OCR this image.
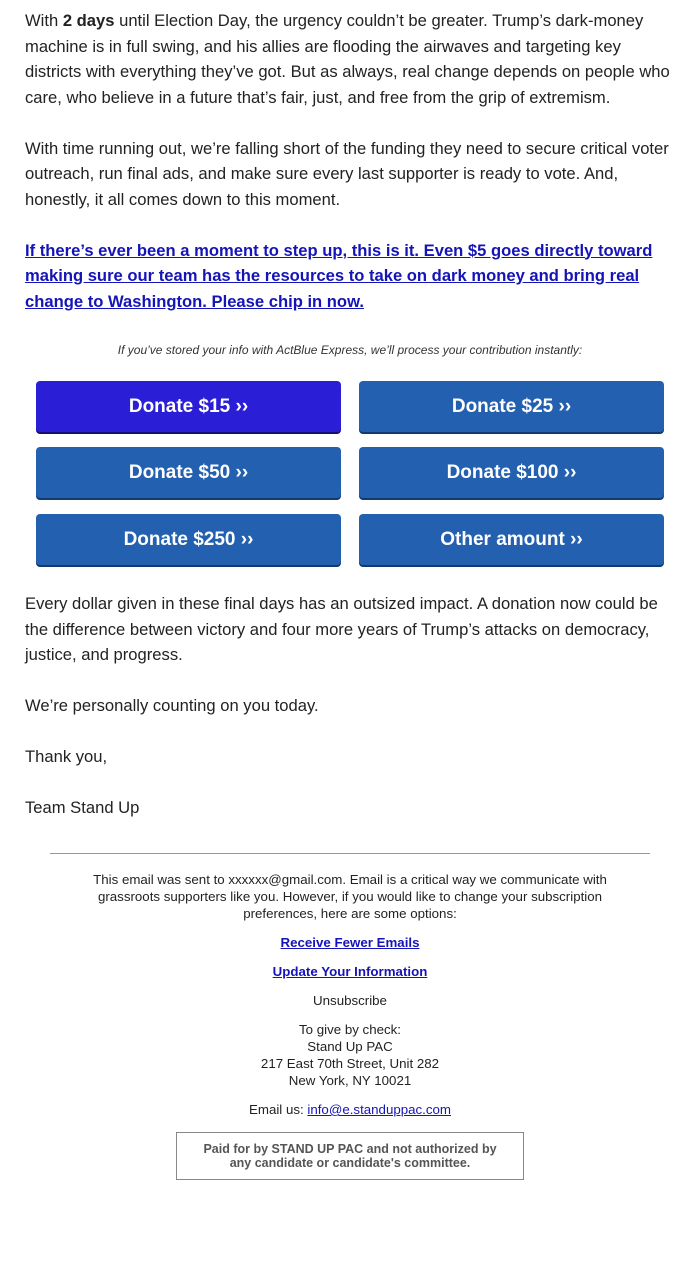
With 2 days until Election Day, the urgency couldn’t be greater. Trump’s dark-money machine is in full swing, and his allies are flooding the airwaves and targeting key districts with everything they’ve got. But as always, real change depends on people who care, who believe in a future that’s fair, just, and free from the grip of extremism.

With time running out, we’re falling short of the funding they need to secure critical voter outreach, run final ads, and make sure every last supporter is ready to vote. And, honestly, it all comes down to this moment.

If there’s ever been a moment to step up, this is it. Even $5 goes directly toward making sure our team has the resources to take on dark money and bring real change to Washington. Please chip in now.

If you’ve stored your info with ActBlue Express, we’ll process your contribution instantly:
Donate $15 ››	Donate $25 ››
Donate $50 ››	Donate $100 ››
Donate $250 ››	Other amount ››

Every dollar given in these final days has an outsized impact. A donation now could be the difference between victory and four more years of Trump’s attacks on democracy, justice, and progress.

We’re personally counting on you today.

Thank you,

Team Stand Up

This email was sent to xxxxxx@gmail.com. Email is a critical way we communicate with grassroots supporters like you. However, if you would like to change your subscription preferences, here are some options:
Receive Fewer Emails
Update Your Information
Unsubscribe
To give by check:
Stand Up PAC
217 East 70th Street, Unit 282
New York, NY 10021
Email us: info@e.standuppac.com
Paid for by STAND UP PAC and not authorized by
any candidate or candidate's committee.
